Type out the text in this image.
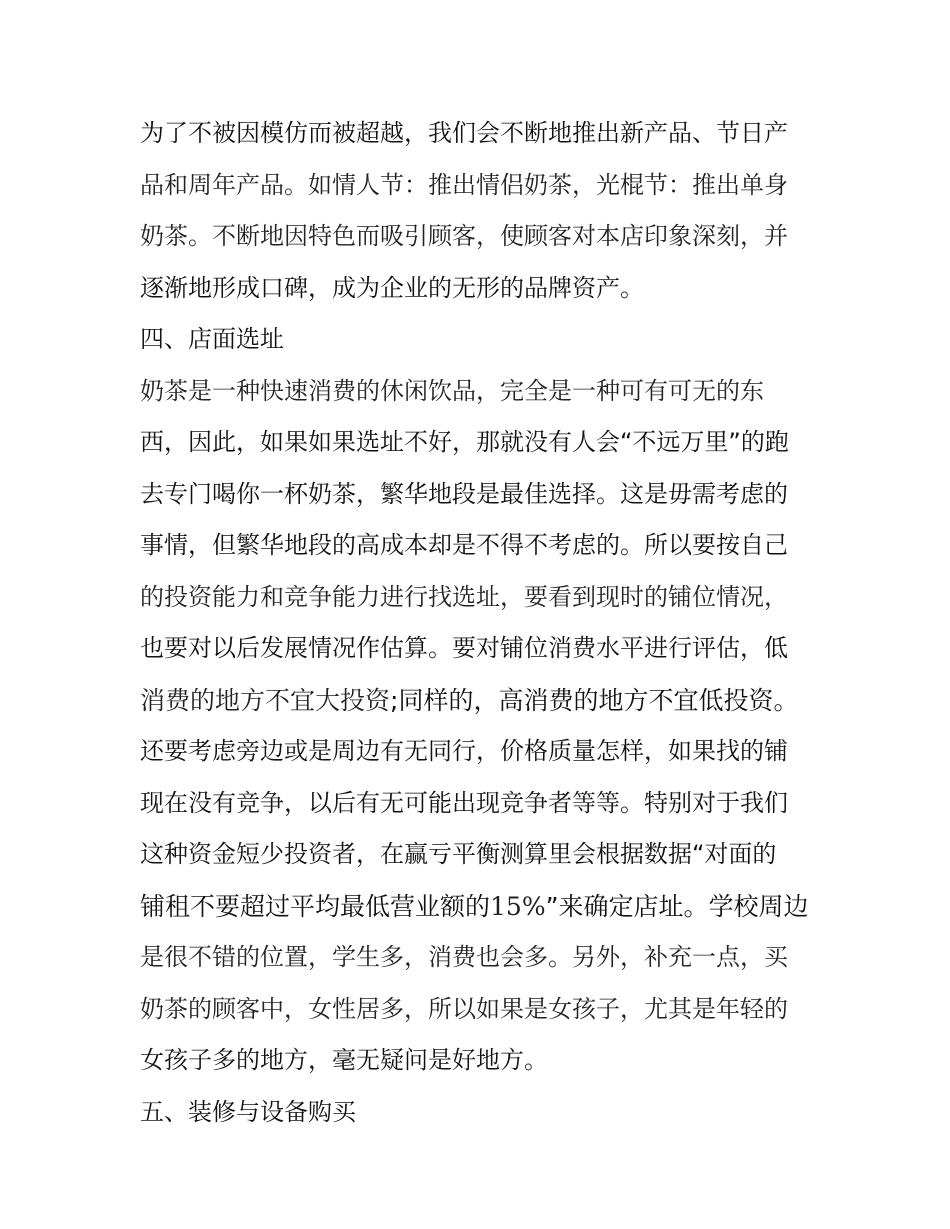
为了不被因模仿而被超越，我们会不断地推出新产品、节日产
品和周年产品。如情人节：推出情侣奶茶，光棍节：推出单身
奶茶。不断地因特色而吸引顾客，使顾客对本店印象深刻，并
逐渐地形成口碑，成为企业的无形的品牌资产。
四、店面选址
奶茶是一种快速消费的休闲饮品，完全是一种可有可无的东
西，因此，如果如果选址不好，那就没有人会“不远万里”的跑
去专门喝你一杯奶茶，繁华地段是最佳选择。这是毋需考虑的
事情，但繁华地段的高成本却是不得不考虑的。所以要按自己
的投资能力和竞争能力进行找选址，要看到现时的铺位情况，
也要对以后发展情况作估算。要对铺位消费水平进行评估，低
消费的地方不宜大投资;同样的，高消费的地方不宜低投资。
还要考虑旁边或是周边有无同行，价格质量怎样，如果找的铺
现在没有竞争，以后有无可能出现竞争者等等。特别对于我们
这种资金短少投资者，在赢亏平衡测算里会根据数据“对面的
铺租不要超过平均最低营业额的15%”来确定店址。学校周边
是很不错的位置，学生多，消费也会多。另外，补充一点，买
奶茶的顾客中，女性居多，所以如果是女孩子，尤其是年轻的
女孩子多的地方，毫无疑问是好地方。
五、装修与设备购买
